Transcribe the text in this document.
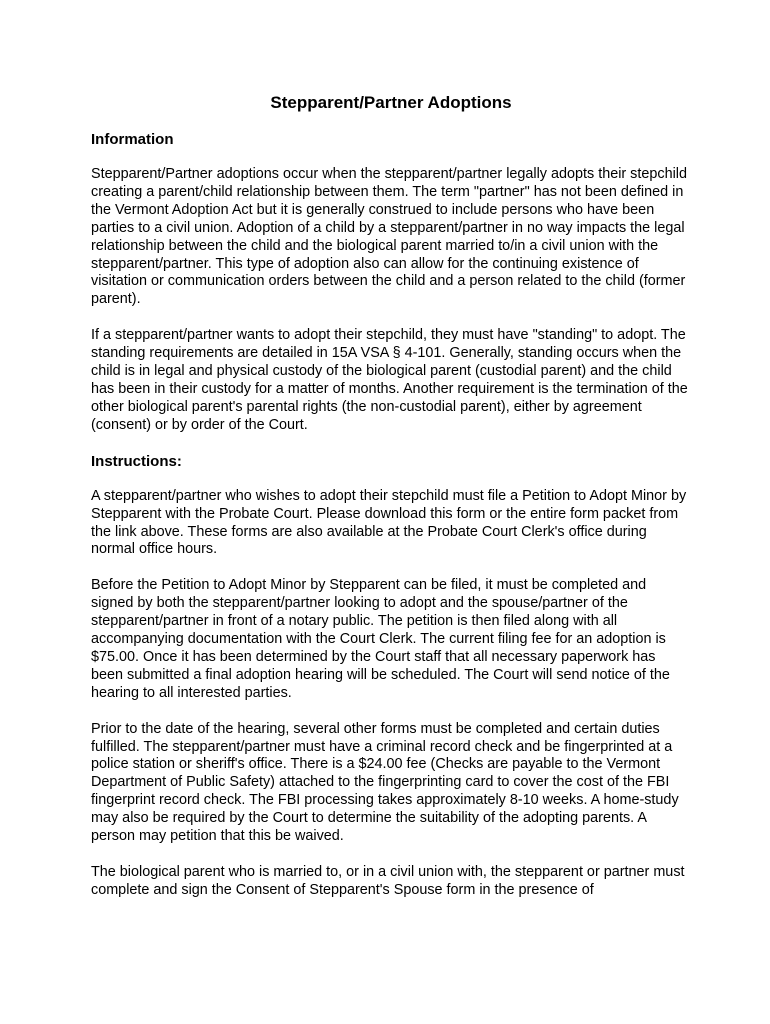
Stepparent/Partner Adoptions
Information

Stepparent/Partner adoptions occur when the stepparent/partner legally adopts their stepchild creating a parent/child relationship between them. The term "partner" has not been defined in the Vermont Adoption Act but it is generally construed to include persons who have been parties to a civil union. Adoption of a child by a stepparent/partner in no way impacts the legal relationship between the child and the biological parent married to/in a civil union with the stepparent/partner. This type of adoption also can allow for the continuing existence of visitation or communication orders between the child and a person related to the child (former parent).

If a stepparent/partner wants to adopt their stepchild, they must have "standing" to adopt. The standing requirements are detailed in 15A VSA § 4-101. Generally, standing occurs when the child is in legal and physical custody of the biological parent (custodial parent) and the child has been in their custody for a matter of months. Another requirement is the termination of the other biological parent's parental rights (the non-custodial parent), either by agreement (consent) or by order of the Court.

Instructions:

A stepparent/partner who wishes to adopt their stepchild must file a Petition to Adopt Minor by Stepparent with the Probate Court. Please download this form or the entire form packet from the link above. These forms are also available at the Probate Court Clerk's office during normal office hours.

Before the Petition to Adopt Minor by Stepparent can be filed, it must be completed and signed by both the stepparent/partner looking to adopt and the spouse/partner of the stepparent/partner in front of a notary public. The petition is then filed along with all accompanying documentation with the Court Clerk. The current filing fee for an adoption is $75.00. Once it has been determined by the Court staff that all necessary paperwork has been submitted a final adoption hearing will be scheduled. The Court will send notice of the hearing to all interested parties.

Prior to the date of the hearing, several other forms must be completed and certain duties fulfilled. The stepparent/partner must have a criminal record check and be fingerprinted at a police station or sheriff's office. There is a $24.00 fee (Checks are payable to the Vermont Department of Public Safety) attached to the fingerprinting card to cover the cost of the FBI fingerprint record check. The FBI processing takes approximately 8-10 weeks. A home-study may also be required by the Court to determine the suitability of the adopting parents. A person may petition that this be waived.

The biological parent who is married to, or in a civil union with, the stepparent or partner must complete and sign the Consent of Stepparent's Spouse form in the presence of
